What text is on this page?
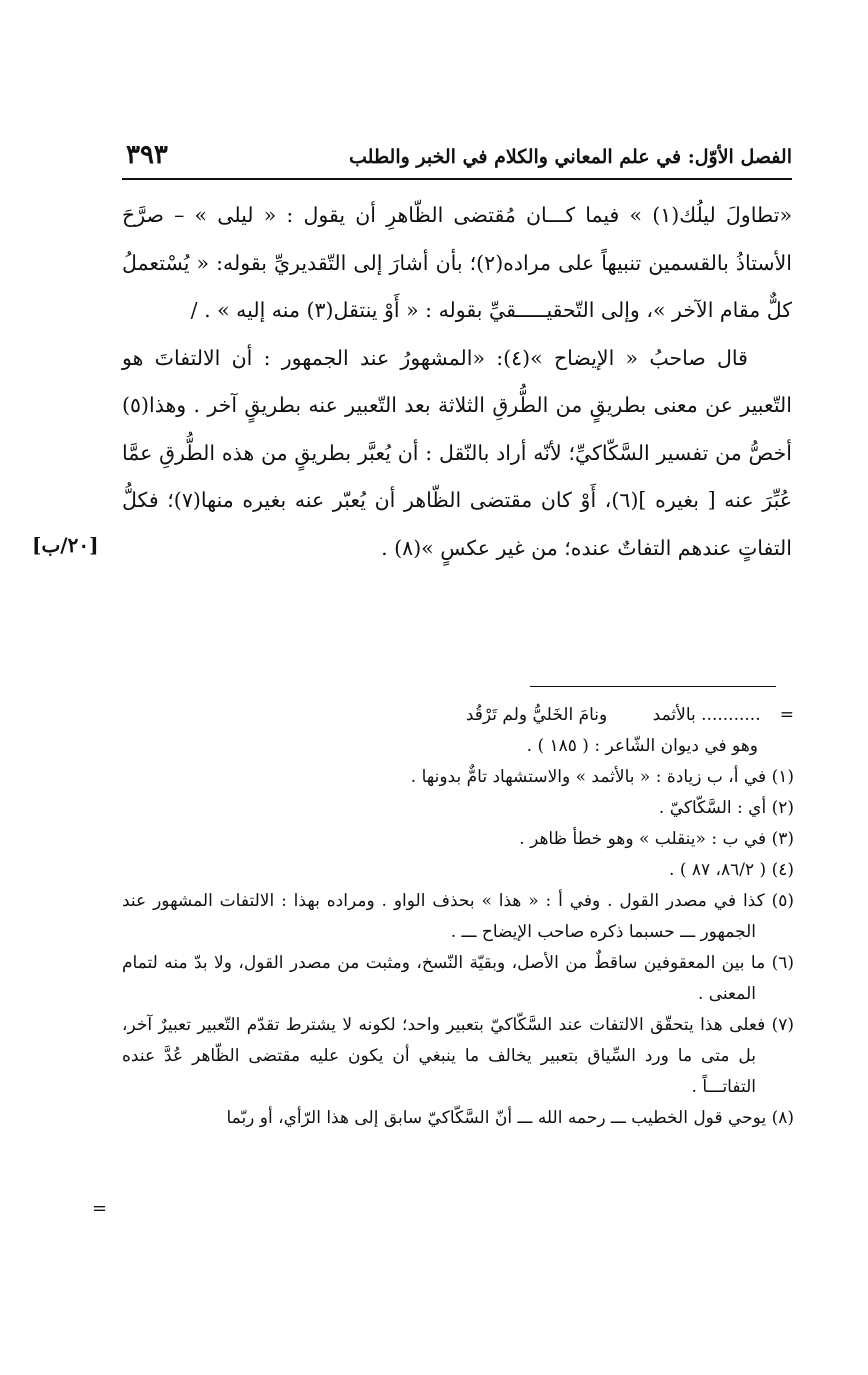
الفصل الأوّل: في علم المعاني والكلام في الخبر والطلب
٣٩٣

«تطاولَ ليلُك(١) » فيما كـــان مُقتضى الظّاهرِ أن يقول : « ليلى » – صرَّحَ الأستاذُ بالقسمين تنبيهاً على مراده(٢)؛ بأن أشارَ إلى التّقديريِّ بقوله: « يُسْتعملُ كلٌّ مقام الآخر »، وإلى التّحقيـــــقيِّ بقوله : « أَوْ ينتقل(٣) منه إليه » . /

قال صاحبُ « الإيضاح »(٤): «المشهورُ عند الجمهور : أن الالتفاتَ هو التّعبير عن معنى بطريقٍ من الطُّرقِ الثلاثة بعد التّعبير عنه بطريقٍ آخر . وهذا(٥) أخصُّ من تفسير السَّكّاكيِّ؛ لأنّه أراد بالنّقل : أن يُعبَّر بطريقٍ من هذه الطُّرقِ عمَّا عُبِّرَ عنه [ بغيره ](٦)، أَوْ كان مقتضى الظّاهر أن يُعبّر عنه بغيره منها(٧)؛ فكلُّ التفاتٍ عندهم التفاتٌ عنده؛ من غير عكسٍ »(٨) .

[٢٠/ب]

= ........... بالأثمد ونامَ الخَليُّ ولم تَرْقُد

وهو في ديوان الشّاعر : ( ١٨٥ ) .

(١) في أ، ب زيادة : « بالأثمد » والاستشهاد تامٌّ بدونها .

(٢) أي : السَّكّاكيّ .

(٣) في ب : «ينقلب » وهو خطأ ظاهر .

(٤) ( ٨٦/٢، ٨٧ ) .

(٥) كذا في مصدر القول . وفي أ : « هذا » بحذف الواو . ومراده بهذا : الالتفات المشهور عند الجمهور ـــ حسبما ذكره صاحب الإيضاح ـــ .

(٦) ما بين المعقوفين ساقطٌ من الأصل، وبقيّة النّسخ، ومثبت من مصدر القول، ولا بدّ منه لتمام المعنى .

(٧) فعلى هذا يتحقّق الالتفات عند السَّكّاكيّ بتعبير واحد؛ لكونه لا يشترط تقدّم التّعبير تعبيرٌ آخر، بل متى ما ورد السِّياق بتعبير يخالف ما ينبغي أن يكون عليه مقتضى الظّاهر عُدَّ عنده التفاتـــاً .

(٨) يوحي قول الخطيب ـــ رحمه الله ـــ أنّ السَّكّاكيّ سابق إلى هذا الرّأي، أو ربّما

=
